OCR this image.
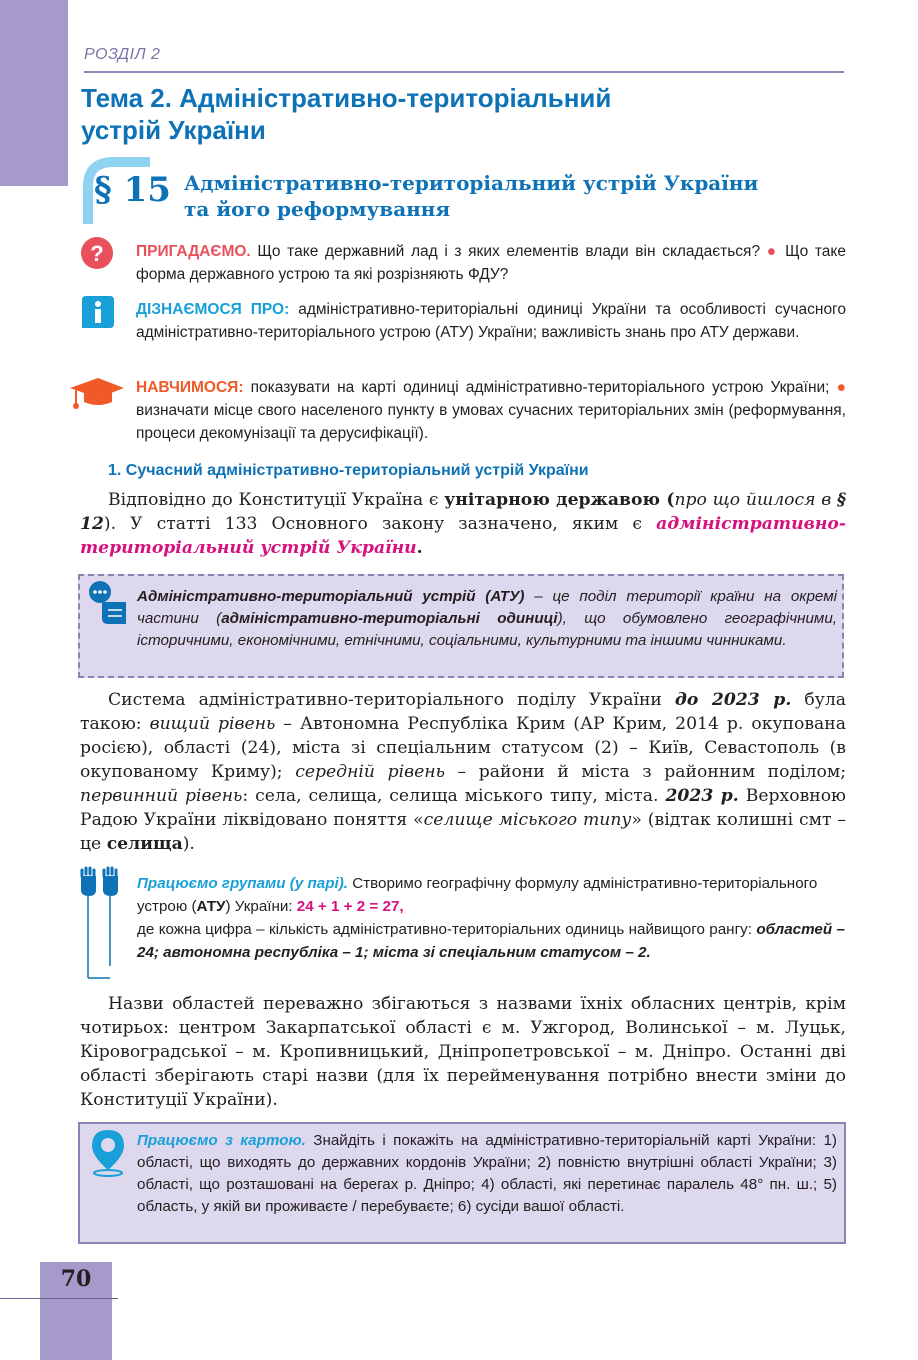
70
РОЗДІЛ 2
Тема 2. Адміністративно-територіальний
устрій України
§ 15 Адміністративно-територіальний устрій України
та його реформування
? ПРИГАДАЄМО. Що таке державний лад і з яких елементів влади він складається? ● Що таке форма державного устрою та які розрізняють ФДУ?
ДІЗНАЄМОСЯ ПРО: адміністративно-територіальні одиниці України та особливості сучасного адміністративно-територіального устрою (АТУ) України; важливість знань про АТУ держави.
НАВЧИМОСЯ: показувати на карті одиниці адміністративно-територіального устрою України; ● визначати місце свого населеного пункту в умовах сучасних територіальних змін (реформування, процеси декомунізації та дерусифікації).
1. Сучасний адміністративно-територіальний устрій України
Відповідно до Конституції Україна є унітарною державою (про що йшлося в § 12). У статті 133 Основного закону зазначено, яким є адміністративно-територіальний устрій України.
Адміністративно-територіальний устрій (АТУ) – це поділ території країни на окремі частини (адміністративно-територіальні одиниці), що обумовлено географічними, історичними, економічними, етнічними, соціальними, культурними та іншими чинниками.
Система адміністративно-територіального поділу України до 2023 р. була такою: вищий рівень – Автономна Республіка Крим (АР Крим, 2014 р. окупована росією), області (24), міста зі спеціальним статусом (2) – Київ, Севастополь (в окупованому Криму); середній рівень – райони й міста з районним поділом; первинний рівень: села, селища, селища міського типу, міста. 2023 р. Верховною Радою України ліквідовано поняття «селище міського типу» (відтак колишні смт – це селища).
Працюємо групами (у парі). Створимо географічну формулу адміністративно-територіального устрою (АТУ) України: 24 + 1 + 2 = 27,
де кожна цифра – кількість адміністративно-територіальних одиниць найвищого рангу: областей – 24; автономна республіка – 1; міста зі спеціальним статусом – 2.
Назви областей переважно збігаються з назвами їхніх обласних центрів, крім чотирьох: центром Закарпатської області є м. Ужгород, Волинської – м. Луцьк, Кіровоградської – м. Кропивницький, Дніпропетровської – м. Дніпро. Останні дві області зберігають старі назви (для їх перейменування потрібно внести зміни до Конституції України).
Працюємо з картою. Знайдіть і покажіть на адміністративно-територіальній карті України: 1) області, що виходять до державних кордонів України; 2) повністю внутрішні області України; 3) області, що розташовані на берегах р. Дніпро; 4) області, які перетинає паралель 48° пн. ш.; 5) область, у якій ви проживаєте / перебуваєте; 6) сусіди вашої області.
